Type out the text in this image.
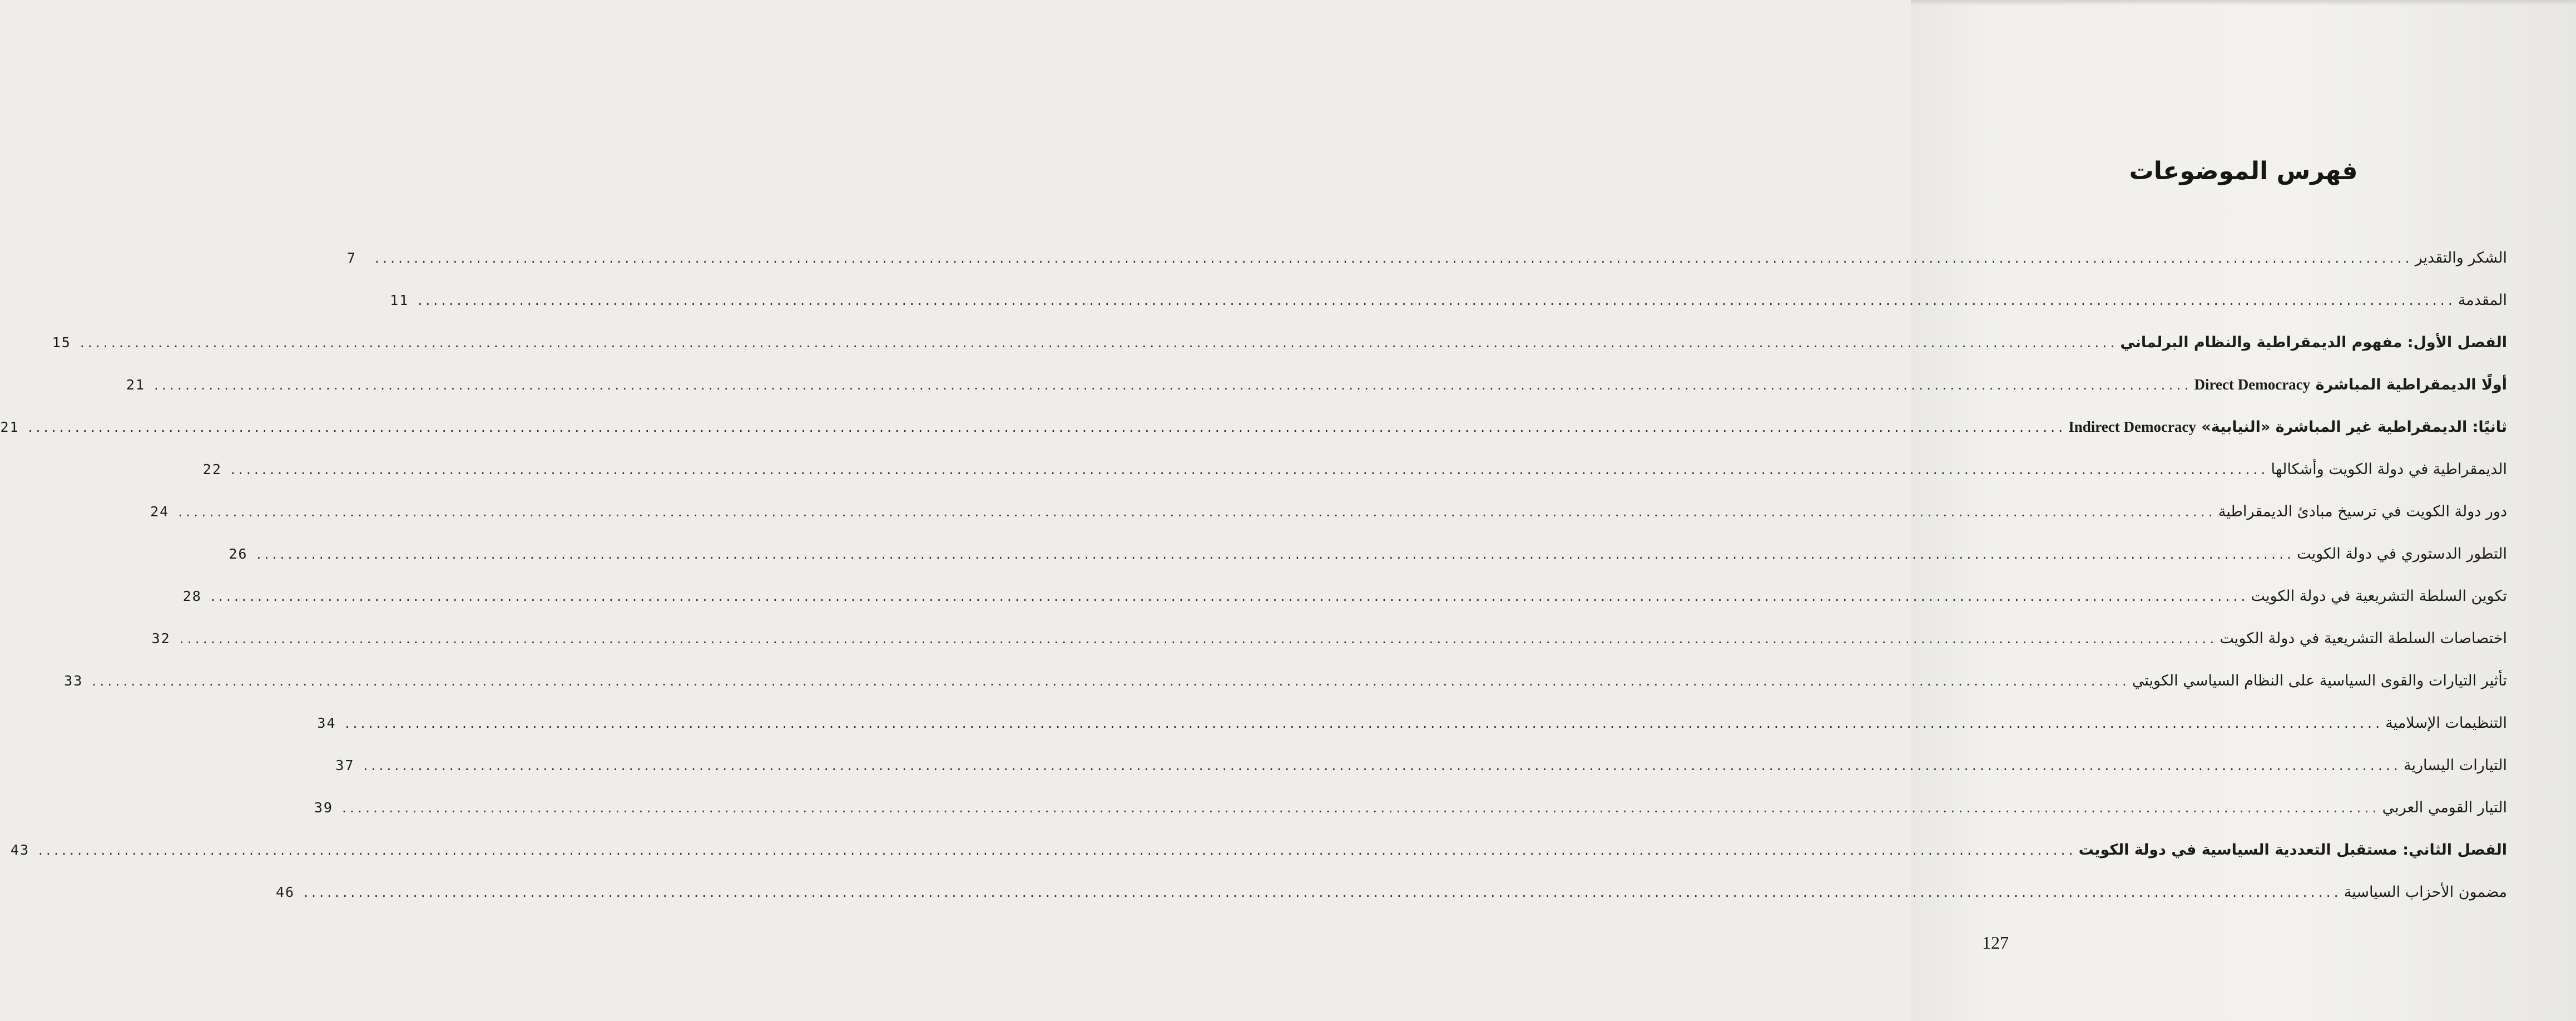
فهرس الموضوعات
الشكر والتقدير
.....................................................................................................................................................................................................................................................................
7
المقدمة
.....................................................................................................................................................................................................................................................................
11
الفصل الأول: مفهوم الديمقراطية والنظام البرلماني
.....................................................................................................................................................................................................................................................................
15
أولًا الديمقراطية المباشرة Direct Democracy
.....................................................................................................................................................................................................................................................................
21
ثانيًا: الديمقراطية غير المباشرة «النيابية» Indirect Democracy
.....................................................................................................................................................................................................................................................................
21
الديمقراطية في دولة الكويت وأشكالها
.....................................................................................................................................................................................................................................................................
22
دور دولة الكويت في ترسيخ مبادئ الديمقراطية
.....................................................................................................................................................................................................................................................................
24
التطور الدستوري في دولة الكويت
.....................................................................................................................................................................................................................................................................
26
تكوين السلطة التشريعية في دولة الكويت
.....................................................................................................................................................................................................................................................................
28
اختصاصات السلطة التشريعية في دولة الكويت
.....................................................................................................................................................................................................................................................................
32
تأثير التيارات والقوى السياسية على النظام السياسي الكويتي
.....................................................................................................................................................................................................................................................................
33
التنظيمات الإسلامية
.....................................................................................................................................................................................................................................................................
34
التيارات اليسارية
.....................................................................................................................................................................................................................................................................
37
التيار القومي العربي
.....................................................................................................................................................................................................................................................................
39
الفصل الثاني: مستقبل التعددية السياسية في دولة الكويت
.....................................................................................................................................................................................................................................................................
43
مضمون الأحزاب السياسية
.....................................................................................................................................................................................................................................................................
46
127
